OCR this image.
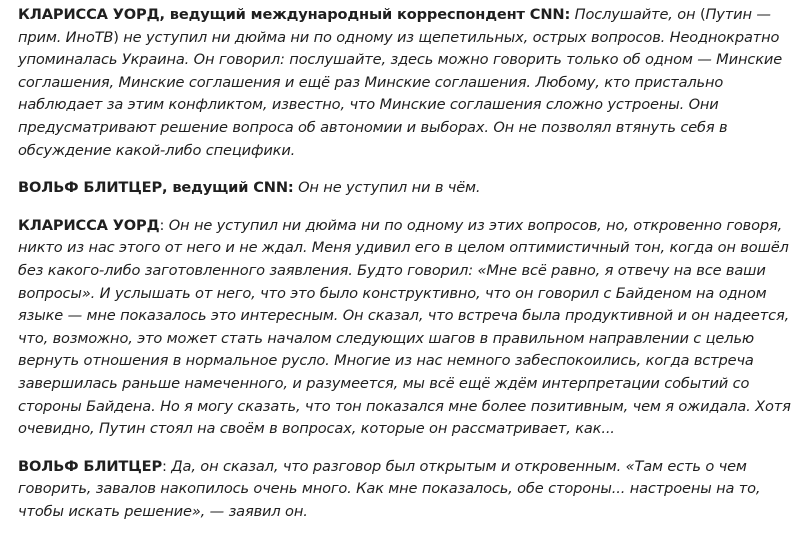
КЛАРИССА УОРД, ведущий международный корреспондент CNN: Послушайте, он (Путин — прим. ИноТВ) не уступил ни дюйма ни по одному из щепетильных, острых вопросов. Неоднократно упоминалась Украина. Он говорил: послушайте, здесь можно говорить только об одном — Минские соглашения, Минские соглашения и ещё раз Минские соглашения. Любому, кто пристально наблюдает за этим конфликтом, известно, что Минские соглашения сложно устроены. Они предусматривают решение вопроса об автономии и выборах. Он не позволял втянуть себя в обсуждение какой-либо специфики.

ВОЛЬФ БЛИТЦЕР, ведущий CNN: Он не уступил ни в чём.

КЛАРИССА УОРД: Он не уступил ни дюйма ни по одному из этих вопросов, но, откровенно говоря, никто из нас этого от него и не ждал. Меня удивил его в целом оптимистичный тон, когда он вошёл без какого-либо заготовленного заявления. Будто говорил: «Мне всё равно, я отвечу на все ваши вопросы». И услышать от него, что это было конструктивно, что он говорил с Байденом на одном языке — мне показалось это интересным. Он сказал, что встреча была продуктивной и он надеется, что, возможно, это может стать началом следующих шагов в правильном направлении с целью вернуть отношения в нормальное русло. Многие из нас немного забеспокоились, когда встреча завершилась раньше намеченного, и разумеется, мы всё ещё ждём интерпретации событий со стороны Байдена. Но я могу сказать, что тон показался мне более позитивным, чем я ожидала. Хотя очевидно, Путин стоял на своём в вопросах, которые он рассматривает, как...

ВОЛЬФ БЛИТЦЕР: Да, он сказал, что разговор был открытым и откровенным. «Там есть о чем говорить, завалов накопилось очень много. Как мне показалось, обе стороны... настроены на то, чтобы искать решение», — заявил он.
